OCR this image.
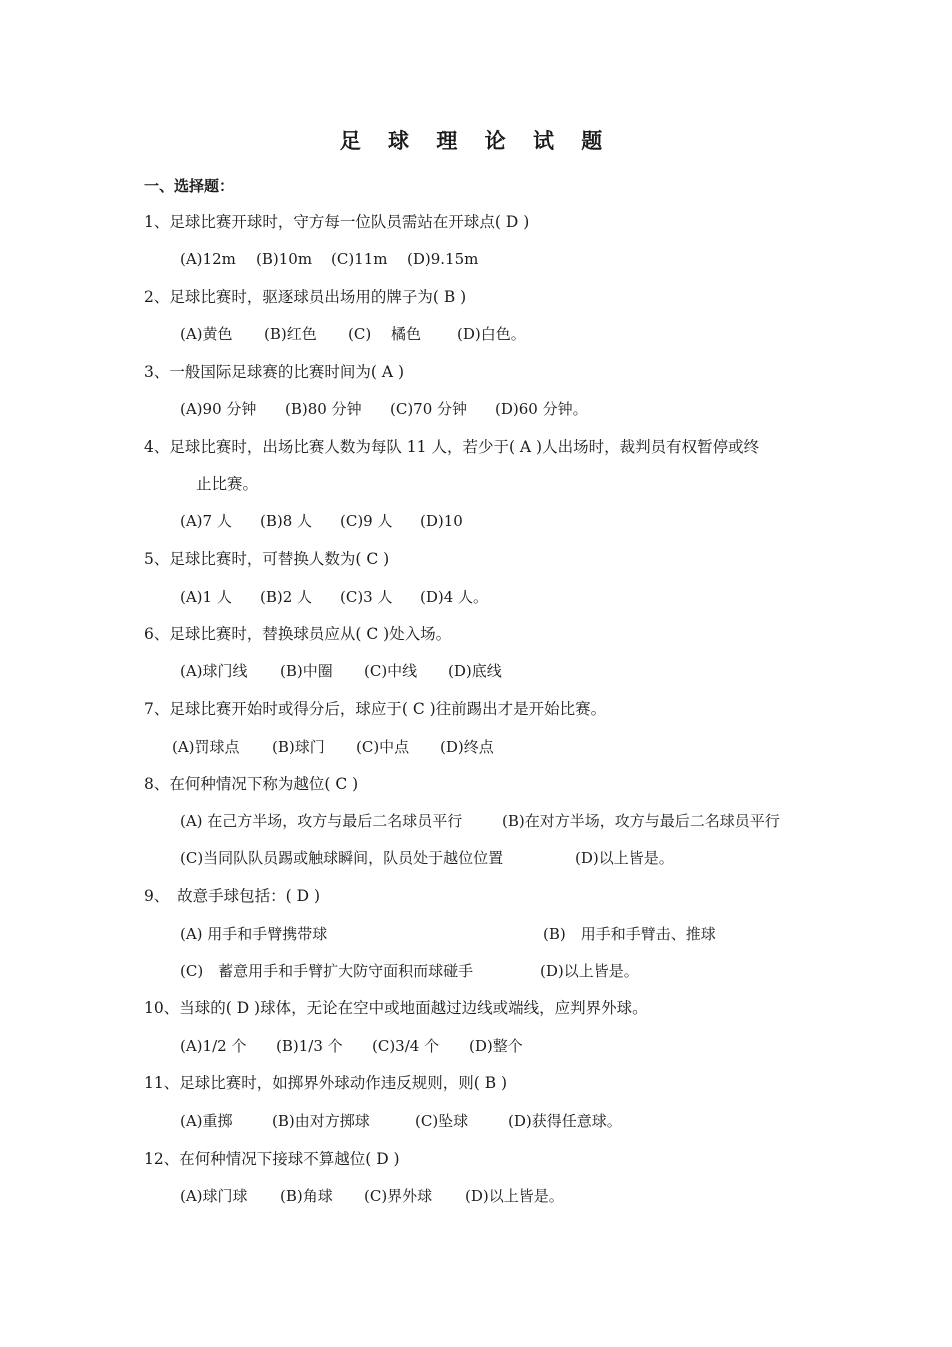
足 球 理 论 试 题
一、选择题：
1、足球比赛开球时，守方每一位队员需站在开球点( D )
(A)12m (B)10m (C)11m (D)9.15m
2、足球比赛时，驱逐球员出场用的牌子为( B )
(A)黄色 (B)红色 (C)　 橘色 (D)白色。
3、一般国际足球赛的比赛时间为( A )
(A)90 分钟 (B)80 分钟 (C)70 分钟 (D)60 分钟。
4、足球比赛时，出场比赛人数为每队 11 人，若少于( A )人出场时，裁判员有权暂停或终
止比赛。
(A)7 人 (B)8 人 (C)9 人 (D)10
5、足球比赛时，可替换人数为( C )
(A)1 人 (B)2 人 (C)3 人 (D)4 人。
6、足球比赛时，替换球员应从( C )处入场。
(A)球门线 (B)中圈 (C)中线 (D)底线
7、足球比赛开始时或得分后，球应于( C )往前踢出才是开始比赛。
(A)罚球点 (B)球门 (C)中点 (D)终点
8、在何种情况下称为越位( C )
(A) 在己方半场，攻方与最后二名球员平行	(B)在对方半场，攻方与最后二名球员平行
(C)当同队队员踢或触球瞬间，队员处于越位位置	(D)以上皆是。
9、　故意手球包括：( D )
(A) 用手和手臂携带球	(B)　用手和手臂击、推球
(C)　蓄意用手和手臂扩大防守面积而球碰手	(D)以上皆是。
10、当球的( D )球体，无论在空中或地面越过边线或端线，应判界外球。
(A)1/2 个 (B)1/3 个 (C)3/4 个 (D)整个
11、足球比赛时，如掷界外球动作违反规则，则( B )
(A)重掷	(B)由对方掷球	(C)坠球	(D)获得任意球。
12、在何种情况下接球不算越位( D )
(A)球门球 (B)角球 (C)界外球 (D)以上皆是。
